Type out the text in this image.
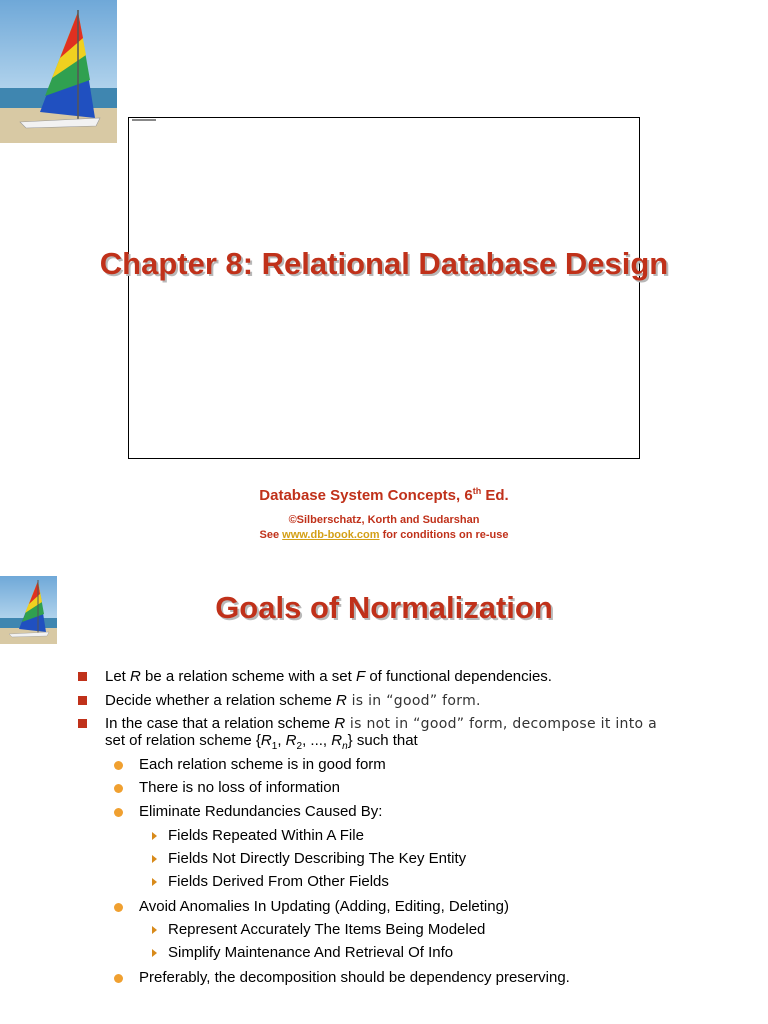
Chapter 8: Relational Database Design
Database System Concepts, 6th Ed.
©Silberschatz, Korth and Sudarshan
See www.db-book.com for conditions on re-use
Goals of Normalization
Let R be a relation scheme with a set F of functional dependencies.
Decide whether a relation scheme R is in “good” form.
In the case that a relation scheme R is not in “good” form, decompose it into a
set of relation scheme {$R_1$, $R_2$, ..., $R_n$} such that
Each relation scheme is in good form
There is no loss of information
Eliminate Redundancies Caused By:
Fields Repeated Within A File
Fields Not Directly Describing The Key Entity
Fields Derived From Other Fields
Avoid Anomalies In Updating (Adding, Editing, Deleting)
Represent Accurately The Items Being Modeled
Simplify Maintenance And Retrieval Of Info
Preferably, the decomposition should be dependency preserving.
